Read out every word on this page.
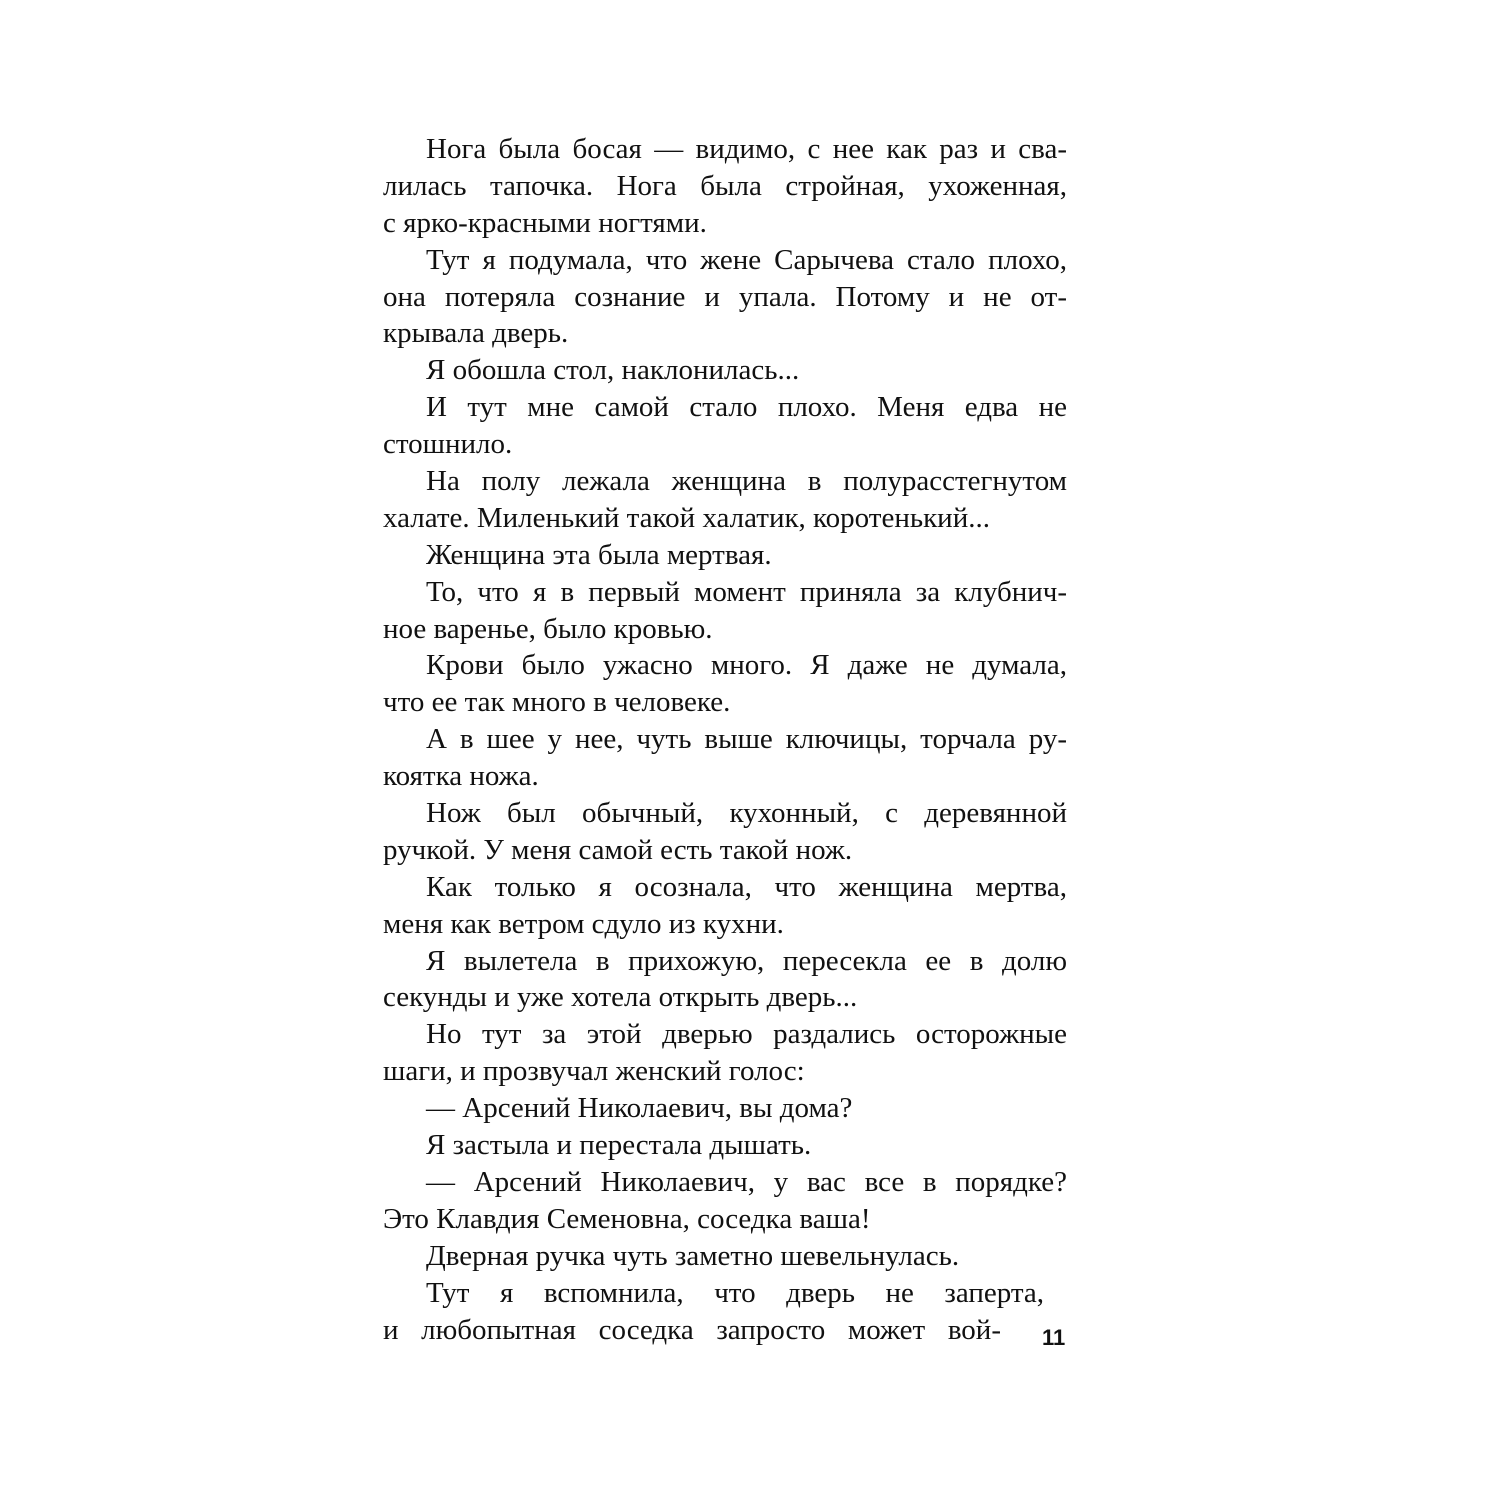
Нога была босая — видимо, с нее как раз и сва-
лилась тапочка. Нога была стройная, ухоженная,
с ярко-красными ногтями.
Тут я подумала, что жене Сарычева стало плохо,
она потеряла сознание и упала. Потому и не от-
крывала дверь.
Я обошла стол, наклонилась...
И тут мне самой стало плохо. Меня едва не
стошнило.
На полу лежала женщина в полурасстегнутом
халате. Миленький такой халатик, коротенький...
Женщина эта была мертвая.
То, что я в первый момент приняла за клубнич-
ное варенье, было кровью.
Крови было ужасно много. Я даже не думала,
что ее так много в человеке.
А в шее у нее, чуть выше ключицы, торчала ру-
коятка ножа.
Нож был обычный, кухонный, с деревянной
ручкой. У меня самой есть такой нож.
Как только я осознала, что женщина мертва,
меня как ветром сдуло из кухни.
Я вылетела в прихожую, пересекла ее в долю
секунды и уже хотела открыть дверь...
Но тут за этой дверью раздались осторожные
шаги, и прозвучал женский голос:
— Арсений Николаевич, вы дома?
Я застыла и перестала дышать.
— Арсений Николаевич, у вас все в порядке?
Это Клавдия Семеновна, соседка ваша!
Дверная ручка чуть заметно шевельнулась.
Тут я вспомнила, что дверь не заперта,
и любопытная соседка запросто может вой- 11
